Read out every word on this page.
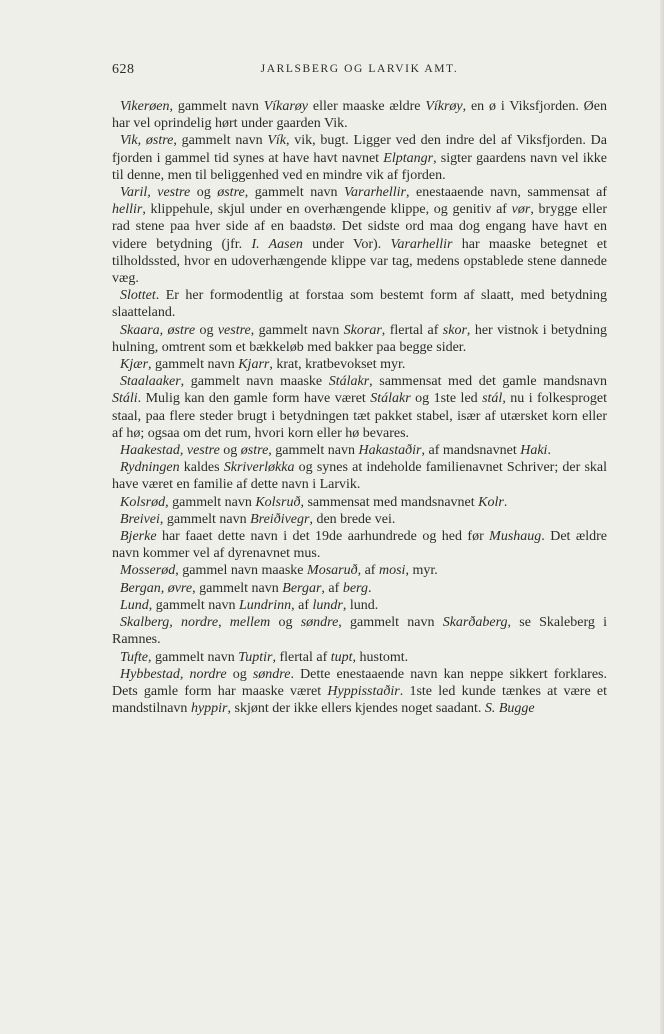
628	JARLSBERG OG LARVIK AMT.

Vikerøen, gammelt navn Víkarøy eller maaske ældre Víkrøy, en ø i Viksfjorden. Øen har vel oprindelig hørt under gaarden Vik.

Vik, østre, gammelt navn Vík, vik, bugt. Ligger ved den indre del af Viksfjorden. Da fjorden i gammel tid synes at have havt navnet Elptangr, sigter gaardens navn vel ikke til denne, men til beliggenhed ved en mindre vik af fjorden.

Varil, vestre og østre, gammelt navn Vararhellir, enestaaende navn, sammensat af hellir, klippehule, skjul under en overhængende klippe, og genitiv af vør, brygge eller rad stene paa hver side af en baadstø. Det sidste ord maa dog engang have havt en videre betydning (jfr. I. Aasen under Vor). Vararhellir har maaske betegnet et tilholdssted, hvor en udoverhængende klippe var tag, medens opstablede stene dannede væg.

Slottet. Er her formodentlig at forstaa som bestemt form af slaatt, med betydning slaatteland.

Skaara, østre og vestre, gammelt navn Skorar, flertal af skor, her vistnok i betydning hulning, omtrent som et bækkeløb med bakker paa begge sider.

Kjær, gammelt navn Kjarr, krat, kratbevokset myr.

Staalaaker, gammelt navn maaske Stálakr, sammensat med det gamle mandsnavn Stáli. Mulig kan den gamle form have været Stálakr og 1ste led stál, nu i folkesproget staal, paa flere steder brugt i betydningen tæt pakket stabel, især af utærsket korn eller af hø; ogsaa om det rum, hvori korn eller hø bevares.

Haakestad, vestre og østre, gammelt navn Hakastaðir, af mandsnavnet Haki.

Rydningen kaldes Skriverløkka og synes at indeholde familienavnet Schriver; der skal have været en familie af dette navn i Larvik.

Kolsrød, gammelt navn Kolsruð, sammensat med mandsnavnet Kolr.

Breivei, gammelt navn Breiðivegr, den brede vei.

Bjerke har faaet dette navn i det 19de aarhundrede og hed før Mushaug. Det ældre navn kommer vel af dyrenavnet mus.

Mosserød, gammel navn maaske Mosaruð, af mosi, myr.

Bergan, øvre, gammelt navn Bergar, af berg.

Lund, gammelt navn Lundrinn, af lundr, lund.

Skalberg, nordre, mellem og søndre, gammelt navn Skarðaberg, se Skaleberg i Ramnes.

Tufte, gammelt navn Tuptir, flertal af tupt, hustomt.

Hybbestad, nordre og søndre. Dette enestaaende navn kan neppe sikkert forklares. Dets gamle form har maaske været Hyppisstaðir. 1ste led kunde tænkes at være et mandstilnavn hyppir, skjønt der ikke ellers kjendes noget saadant. S. Bugge
